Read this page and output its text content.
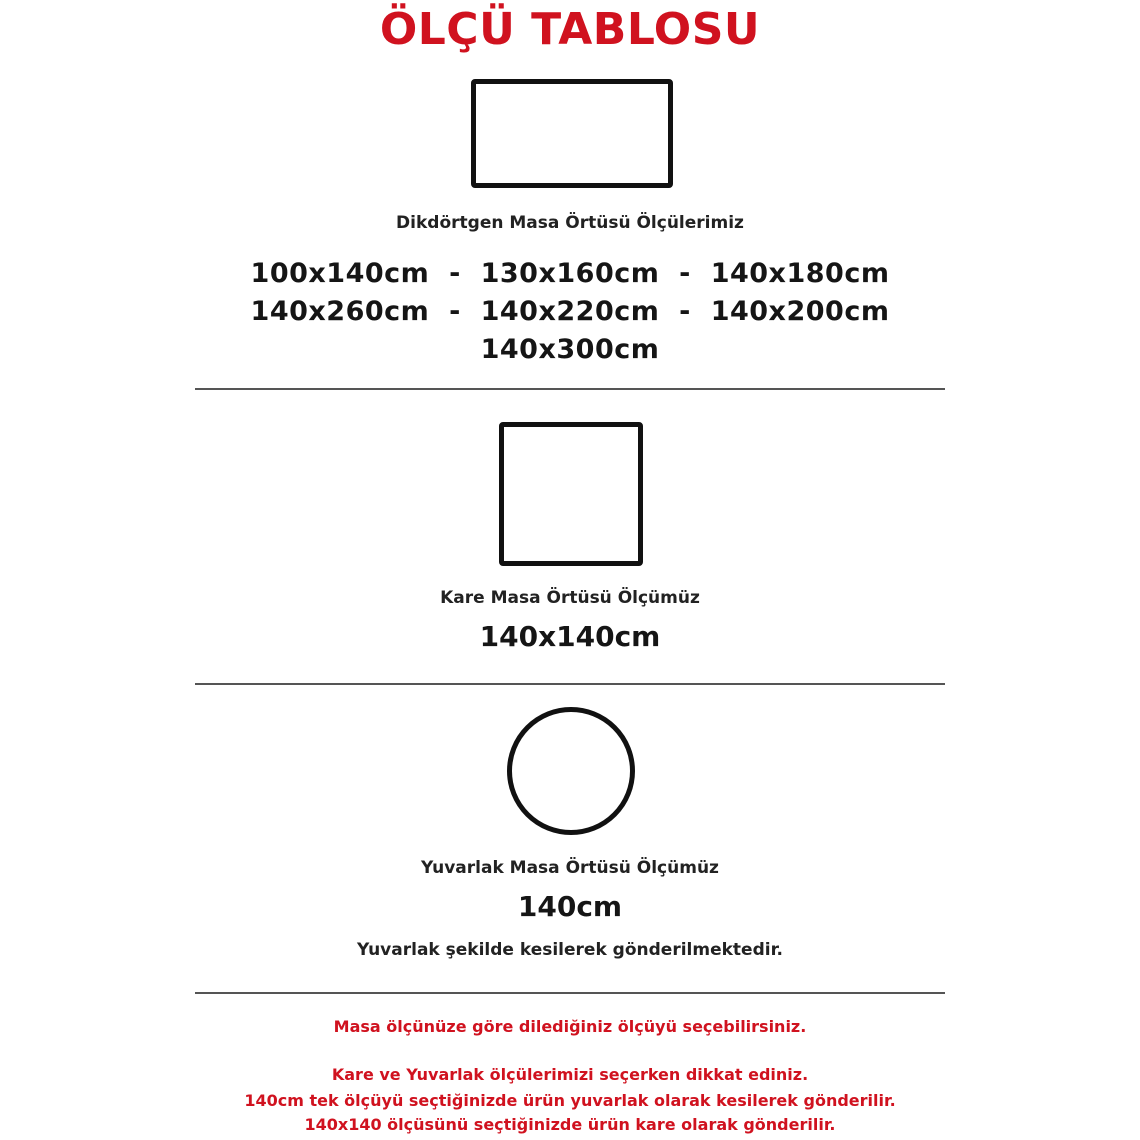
ÖLÇÜ TABLOSU
Dikdörtgen Masa Örtüsü Ölçülerimiz
100x140cm  -  130x160cm  -  140x180cm
140x260cm  -  140x220cm  -  140x200cm
140x300cm
Kare Masa Örtüsü Ölçümüz
140x140cm
Yuvarlak Masa Örtüsü Ölçümüz
140cm
Yuvarlak şekilde kesilerek gönderilmektedir.
Masa ölçünüze göre dilediğiniz ölçüyü seçebilirsiniz.
Kare ve Yuvarlak ölçülerimizi seçerken dikkat ediniz.
140cm tek ölçüyü seçtiğinizde ürün yuvarlak olarak kesilerek gönderilir.
140x140 ölçüsünü seçtiğinizde ürün kare olarak gönderilir.
